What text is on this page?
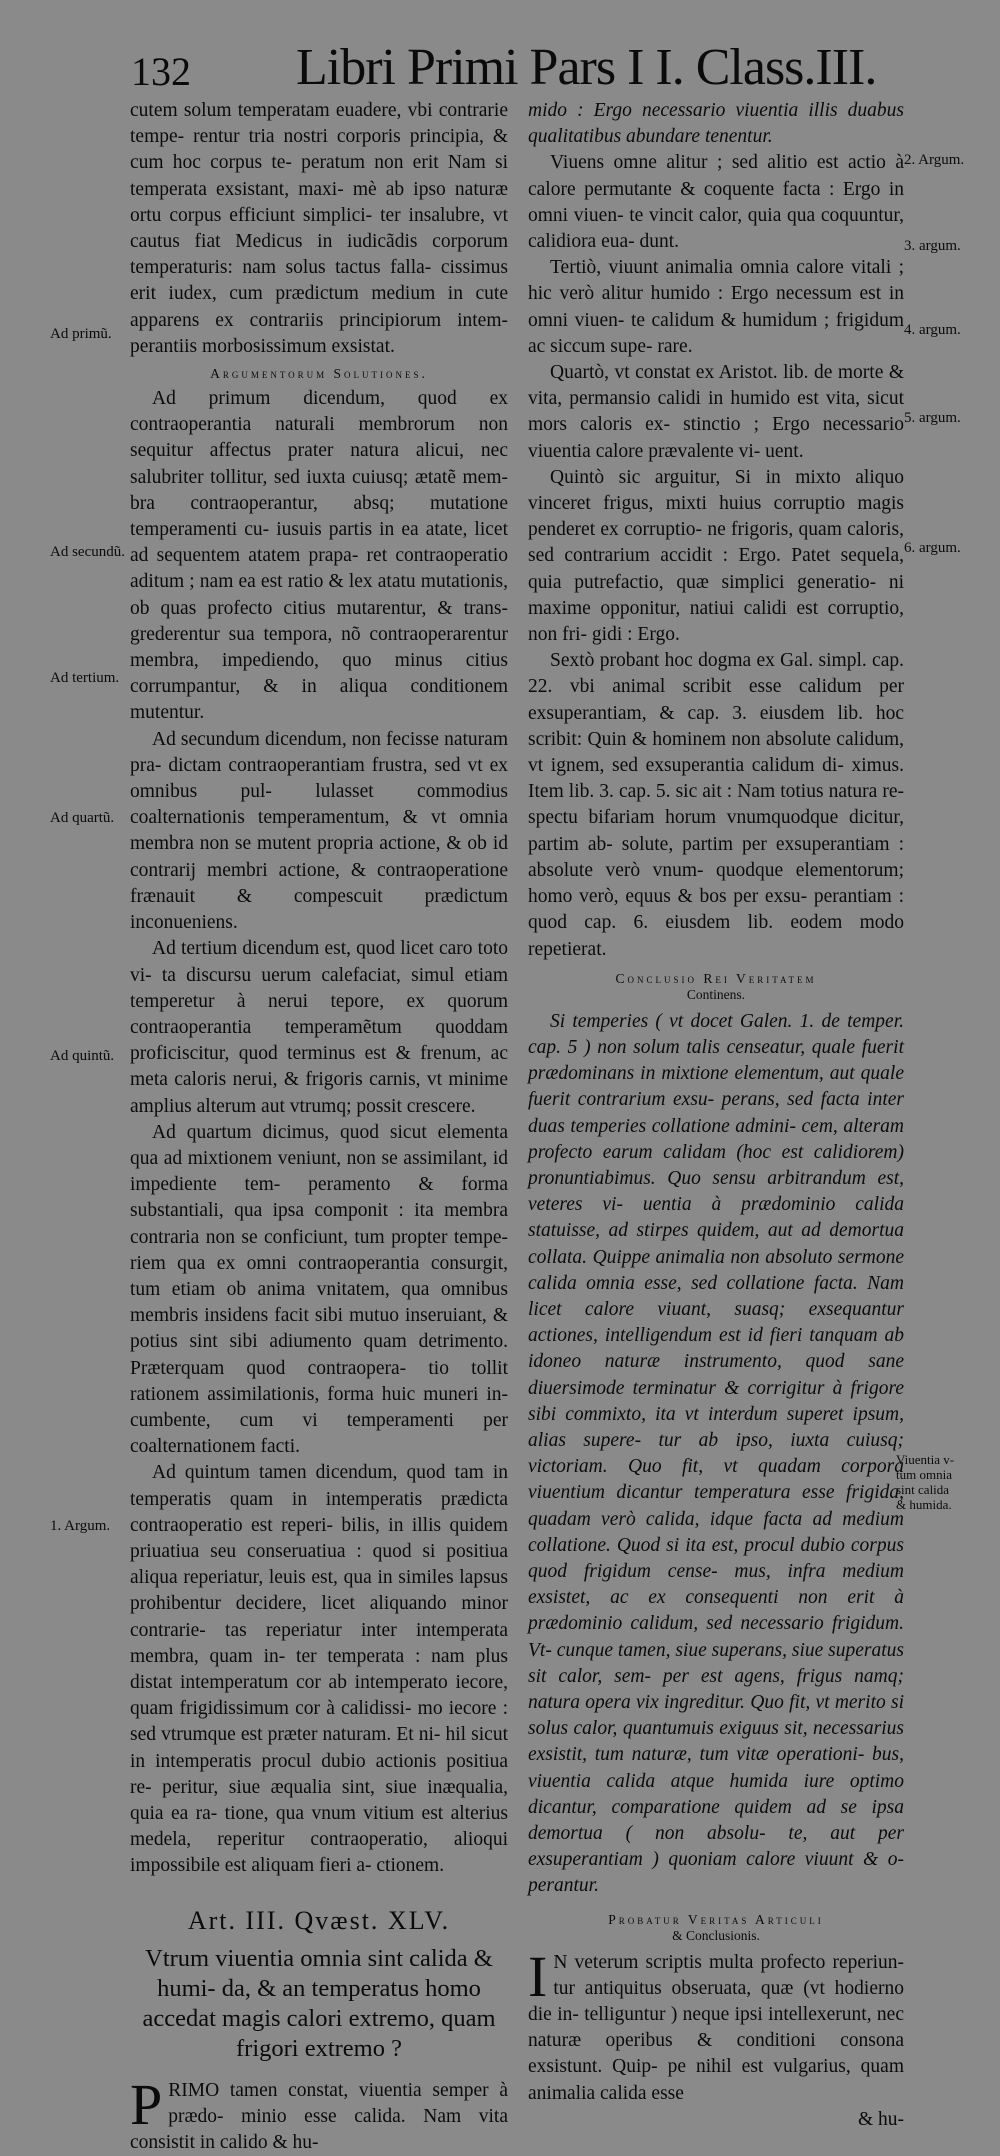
132 Libri Primi Pars I I. Class.III.

cutem solum temperatam euadere, vbi contrarie tempe- rentur tria nostri corporis principia, & cum hoc corpus te- peratum non erit Nam si temperata exsistant, maxi- mè ab ipso naturæ ortu corpus efficiunt simplici- ter insalubre, vt cautus fiat Medicus in iudicãdis corporum temperaturis: nam solus tactus falla- cissimus erit iudex, cum prædictum medium in cute apparens ex contrariis principiorum intem- perantiis morbosissimum exsistat.

Argumentorum Solutiones.

Ad primum dicendum, quod ex contraoperantia naturali membrorum non sequitur affectus prater natura alicui, nec salubriter tollitur, sed iuxta cuiusq; ætatẽ mem- bra contraoperantur, absq; mutatione temperamenti cu- iusuis partis in ea atate, licet ad sequentem atatem prapa- ret contraoperatio aditum ; nam ea est ratio & lex atatu mutationis, ob quas profecto citius mutarentur, & trans- grederentur sua tempora, nõ contraoperarentur membra, impediendo, quo minus citius corrumpantur, & in aliqua conditionem mutentur.

Ad secundum dicendum, non fecisse naturam pra- dictam contraoperantiam frustra, sed vt ex omnibus pul- lulasset commodius coalternationis temperamentum, & vt omnia membra non se mutent propria actione, & ob id contrarij membri actione, & contraoperatione frænauit & compescuit prædictum inconueniens.

Ad tertium dicendum est, quod licet caro toto vi- ta discursu uerum calefaciat, simul etiam temperetur à nerui tepore, ex quorum contraoperantia temperamẽtum quoddam proficiscitur, quod terminus est & frenum, ac meta caloris nerui, & frigoris carnis, vt minime amplius alterum aut vtrumq; possit crescere.

Ad quartum dicimus, quod sicut elementa qua ad mixtionem veniunt, non se assimilant, id impediente tem- peramento & forma substantiali, qua ipsa componit : ita membra contraria non se conficiunt, tum propter tempe- riem qua ex omni contraoperantia consurgit, tum etiam ob anima vnitatem, qua omnibus membris insidens facit sibi mutuo inseruiant, & potius sint sibi adiumento quam detrimento. Præterquam quod contraopera- tio tollit rationem assimilationis, forma huic muneri in- cumbente, cum vi temperamenti per coalternationem facti.

Ad quintum tamen dicendum, quod tam in temperatis quam in intemperatis prædicta contraoperatio est reperi- bilis, in illis quidem priuatiua seu conseruatiua : quod si positiua aliqua reperiatur, leuis est, qua in similes lapsus prohibentur decidere, licet aliquando minor contrarie- tas reperiatur inter intemperata membra, quam in- ter temperata : nam plus distat intemperatum cor ab intemperato iecore, quam frigidissimum cor à calidissi- mo iecore : sed vtrumque est præter naturam. Et ni- hil sicut in intemperatis procul dubio actionis positiua re- peritur, siue æqualia sint, siue inæqualia, quia ea ra- tione, qua vnum vitium est alterius medela, reperitur contraoperatio, alioqui impossibile est aliquam fieri a- ctionem.

Art. III. Qvæst. XLV.
Vtrum viuentia omnia sint calida & humi- da, & an temperatus homo accedat magis calori extremo, quam frigori extremo ?

PRIMO tamen constat, viuentia semper à prædo- minio esse calida. Nam vita consistit in calido & hu-

mido : Ergo necessario viuentia illis duabus qualitatibus abundare tenentur.

Viuens omne alitur ; sed alitio est actio à calore permutante & coquente facta : Ergo in omni viuen- te vincit calor, quia qua coquuntur, calidiora eua- dunt.

Tertiò, viuunt animalia omnia calore vitali ; hic verò alitur humido : Ergo necessum est in omni viuen- te calidum & humidum ; frigidum ac siccum supe- rare.

Quartò, vt constat ex Aristot. lib. de morte & vita, permansio calidi in humido est vita, sicut mors caloris ex- stinctio ; Ergo necessario viuentia calore prævalente vi- uent.

Quintò sic arguitur, Si in mixto aliquo vinceret frigus, mixti huius corruptio magis penderet ex corruptio- ne frigoris, quam caloris, sed contrarium accidit : Ergo. Patet sequela, quia putrefactio, quæ simplici generatio- ni maxime opponitur, natiui calidi est corruptio, non fri- gidi : Ergo.

Sextò probant hoc dogma ex Gal. simpl. cap. 22. vbi animal scribit esse calidum per exsuperantiam, & cap. 3. eiusdem lib. hoc scribit: Quin & hominem non absolute calidum, vt ignem, sed exsuperantia calidum di- ximus. Item lib. 3. cap. 5. sic ait : Nam totius natura re- spectu bifariam horum vnumquodque dicitur, partim ab- solute, partim per exsuperantiam : absolute verò vnum- quodque elementorum; homo verò, equus & bos per exsu- perantiam : quod cap. 6. eiusdem lib. eodem modo repetierat.

Conclusio Rei Veritatem
Continens.

Si temperies ( vt docet Galen. 1. de temper. cap. 5 ) non solum talis censeatur, quale fuerit prædominans in mixtione elementum, aut quale fuerit contrarium exsu- perans, sed facta inter duas temperies collatione admini- cem, alteram profecto earum calidam (hoc est calidiorem) pronuntiabimus. Quo sensu arbitrandum est, veteres vi- uentia à prædominio calida statuisse, ad stirpes quidem, aut ad demortua collata. Quippe animalia non absoluto sermone calida omnia esse, sed collatione facta. Nam licet calore viuant, suasq; exsequantur actiones, intelligendum est id fieri tanquam ab idoneo naturæ instrumento, quod sane diuersimode terminatur & corrigitur à frigore sibi commixto, ita vt interdum superet ipsum, alias supere- tur ab ipso, iuxta cuiusq; victoriam. Quo fit, vt quadam corpora viuentium dicantur temperatura esse frigida, quadam verò calida, idque facta ad medium collatione. Quod si ita est, procul dubio corpus quod frigidum cense- mus, infra medium exsistet, ac ex consequenti non erit à prædominio calidum, sed necessario frigidum. Vt- cunque tamen, siue superans, siue superatus sit calor, sem- per est agens, frigus namq; natura opera vix ingreditur. Quo fit, vt merito si solus calor, quantumuis exiguus sit, necessarius exsistit, tum naturæ, tum vitæ operationi- bus, viuentia calida atque humida iure optimo dicantur, comparatione quidem ad se ipsa demortua ( non absolu- te, aut per exsuperantiam ) quoniam calore viuunt & o- perantur.

Probatur Veritas Articuli
& Conclusionis.

I N veterum scriptis multa profecto reperiun- tur antiquitus obseruata, quæ (vt hodierno die in- telliguntur ) neque ipsi intellexerunt, nec naturæ operibus & conditioni consona exsistunt. Quip- pe nihil est vulgarius, quam animalia calida esse

& hu-
Ad primũ.
Ad secundũ.
Ad tertium.
Ad quartũ.
Ad quintũ.
1. Argum.
2. Argum.
3. argum.
4. argum.
5. argum.
6. argum.
Viuentia v- tum omnia sint calida & humida.
